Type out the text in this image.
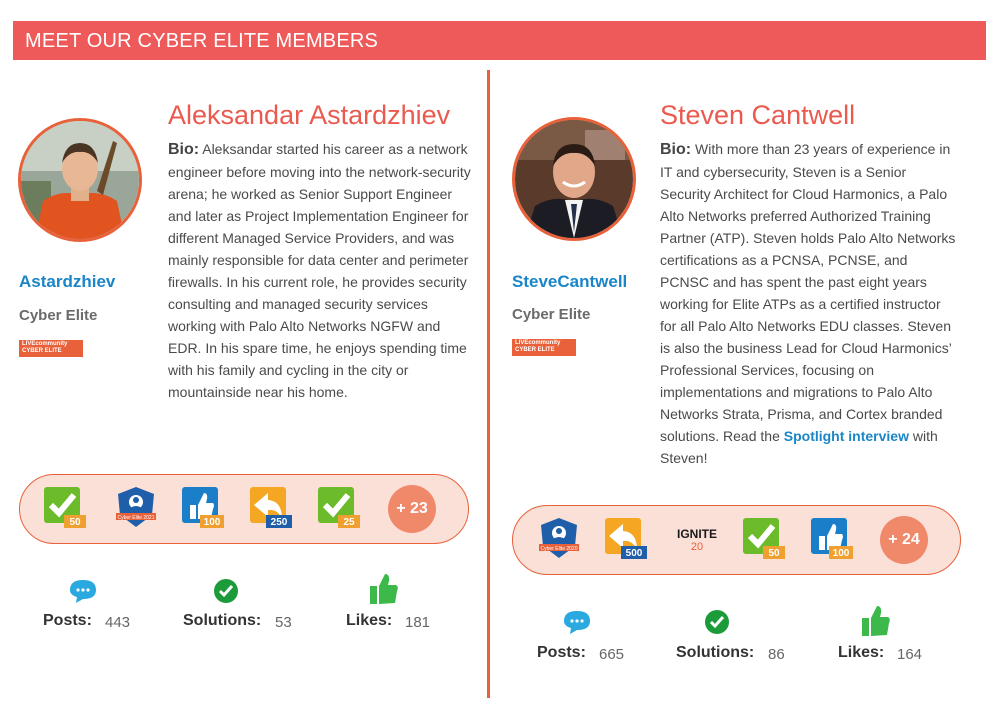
MEET OUR CYBER ELITE MEMBERS
Astardzhiev
Cyber Elite
LIVEcommunity
CYBER ELITE
Aleksandar Astardzhiev
Bio: Aleksandar started his career as a network engineer before moving into the network-security arena; he worked as Senior Support Engineer and later as Project Implementation Engineer for different Managed Service Providers, and was mainly responsible for data center and perimeter firewalls. In his current role, he provides security consulting and managed security services working with Palo Alto Networks NGFW and EDR. In his spare time, he enjoys spending time with his family and cycling in the city or mountainside near his home.
50	Cyber Elite 2021	100	250	25
+ 23
Posts: 443	Solutions: 53	Likes: 181
SteveCantwell
Cyber Elite
LIVEcommunity
CYBER ELITE
Steven Cantwell
Bio: With more than 23 years of experience in IT and cybersecurity, Steven is a Senior Security Architect for Cloud Harmonics, a Palo Alto Networks preferred Authorized Training Partner (ATP). Steven holds Palo Alto Networks certifications as a PCNSA, PCNSE, and PCNSC and has spent the past eight years working for Elite ATPs as a certified instructor for all Palo Alto Networks EDU classes. Steven is also the business Lead for Cloud Harmonics’ Professional Services, focusing on implementations and migrations to Palo Alto Networks Strata, Prisma, and Cortex branded solutions. Read the Spotlight interview with Steven!
Cyber Elite 2020	500
IGNITE
20
50	100
+ 24
Posts: 665	Solutions: 86	Likes: 164
